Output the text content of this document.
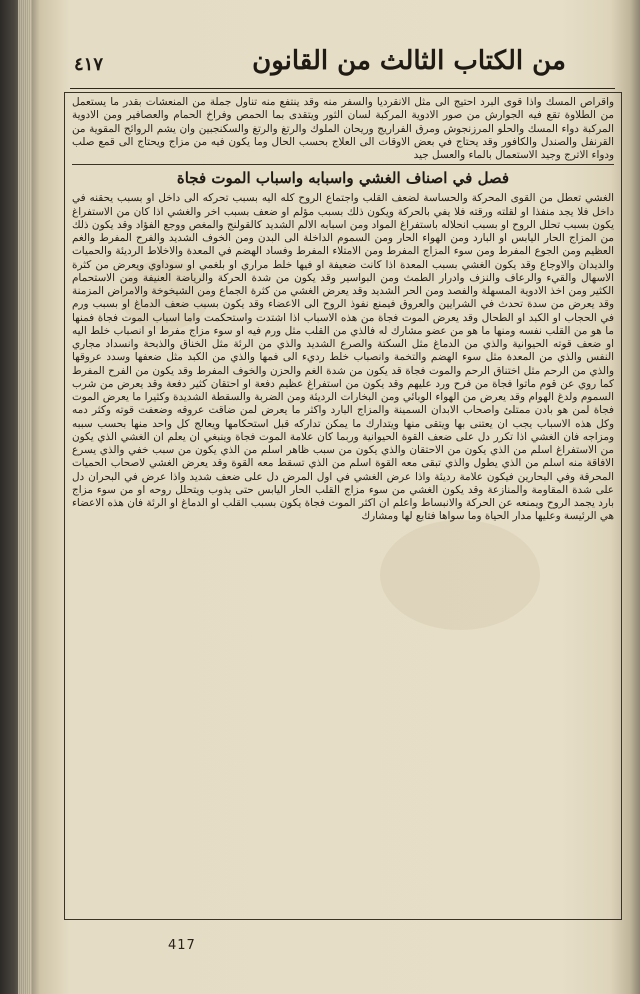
من الكتاب الثالث من القانون
٤١٧

واقراص المسك واذا قوى البرد احتيج الى مثل الانقرديا والسفر منه وقد ينتفع منه تناول جملة من المنعشات بقدر ما يستعمل من الطلاوة تقع فيه الجوارش من صور الادوية المركبة لسان الثور ويتقدى بما الحمص وفراخ الحمام والعصافير ومن الادوية المركبة دواء المسك والحلو المرزنجوش ومرق الفراريج وريحان الملوك والرتغ والرتغ والسكنجبين وان يشم الروائح المقوية من القرنفل والصندل والكافور وقد يحتاج في بعض الاوقات الى العلاج بحسب الحال وما يكون فيه من مزاج ويحتاج الى قمع صلب ودواء الاترج وجيد الاستعمال بالماء والعسل جيد

فصل في اصناف الغشي واسبابه واسباب الموت فجاة

الغشي تعطل من القوى المحركة والحساسة لضعف القلب واجتماع الروح كله اليه بسبب تحركه الى داخل او بسبب يحقنه في داخل فلا يجد منفذا او لقلته ورقته فلا يفي بالحركة ويكون ذلك بسبب مؤلم او ضعف بسبب اخر والغشي اذا كان من الاستفراغ يكون بسبب تحلل الروح او بسبب انحلاله باستفراغ المواد ومن اسبابه الالم الشديد كالقولنج والمغص ووجع الفؤاد وقد يكون ذلك من المزاج الحار اليابس او البارد ومن الهواء الحار ومن السموم الداخلة الى البدن ومن الخوف الشديد والفرح المفرط والغم العظيم ومن الجوع المفرط ومن سوء المزاج المفرط ومن الامتلاء المفرط وفساد الهضم في المعدة والاخلاط الرديئة والحميات والديدان والاوجاع وقد يكون الغشي بسبب المعدة اذا كانت ضعيفة او فيها خلط مراري او بلغمي او سوداوي ويعرض من كثرة الاسهال والقيء والرعاف والنزف وادرار الطمث ومن البواسير وقد يكون من شدة الحركة والرياضة العنيفة ومن الاستحمام الكثير ومن اخذ الادوية المسهلة والفصد ومن الحر الشديد وقد يعرض الغشي من كثرة الجماع ومن الشيخوخة والامراض المزمنة وقد يعرض من سدة تحدث في الشرايين والعروق فيمنع نفوذ الروح الى الاعضاء وقد يكون بسبب ضعف الدماغ او بسبب ورم في الحجاب او الكبد او الطحال وقد يعرض الموت فجاة من هذه الاسباب اذا اشتدت واستحكمت واما اسباب الموت فجاة فمنها ما هو من القلب نفسه ومنها ما هو من عضو مشارك له فالذي من القلب مثل ورم فيه او سوء مزاج مفرط او انصباب خلط اليه او ضعف قوته الحيوانية والذي من الدماغ مثل السكتة والصرع الشديد والذي من الرئة مثل الخناق والذبحة وانسداد مجاري النفس والذي من المعدة مثل سوء الهضم والتخمة وانصباب خلط رديء الى فمها والذي من الكبد مثل ضعفها وسدد عروقها والذي من الرحم مثل اختناق الرحم والموت فجاة قد يكون من شدة الغم والحزن والخوف المفرط وقد يكون من الفرح المفرط كما روي عن قوم ماتوا فجاة من فرح ورد عليهم وقد يكون من استفراغ عظيم دفعة او احتقان كثير دفعة وقد يعرض من شرب السموم ولدغ الهوام وقد يعرض من الهواء الوبائي ومن البخارات الرديئة ومن الضربة والسقطة الشديدة وكثيرا ما يعرض الموت فجاة لمن هو بادن ممتلئ واصحاب الابدان السمينة والمزاج البارد واكثر ما يعرض لمن ضاقت عروقه وضعفت قوته وكثر دمه وكل هذه الاسباب يجب ان يعتنى بها ويتقى منها ويتدارك ما يمكن تداركه قبل استحكامها ويعالج كل واحد منها بحسب سببه ومزاجه فان الغشي اذا تكرر دل على ضعف القوة الحيوانية وربما كان علامة الموت فجاة وينبغي ان يعلم ان الغشي الذي يكون من الاستفراغ اسلم من الذي يكون من الاحتقان والذي يكون من سبب ظاهر اسلم من الذي يكون من سبب خفي والذي يسرع الافاقة منه اسلم من الذي يطول والذي تبقى معه القوة اسلم من الذي تسقط معه القوة وقد يعرض الغشي لاصحاب الحميات المحرقة وفي البحارين فيكون علامة رديئة واذا عرض الغشي في اول المرض دل على ضعف شديد واذا عرض في البحران دل على شدة المقاومة والمنازعة وقد يكون الغشي من سوء مزاج القلب الحار اليابس حتى يذوب ويتحلل روحه او من سوء مزاج بارد يجمد الروح ويمنعه عن الحركة والانبساط واعلم ان اكثر الموت فجاة يكون بسبب القلب او الدماغ او الرئة فان هذه الاعضاء هي الرئيسة وعليها مدار الحياة وما سواها فتابع لها ومشارك

417
